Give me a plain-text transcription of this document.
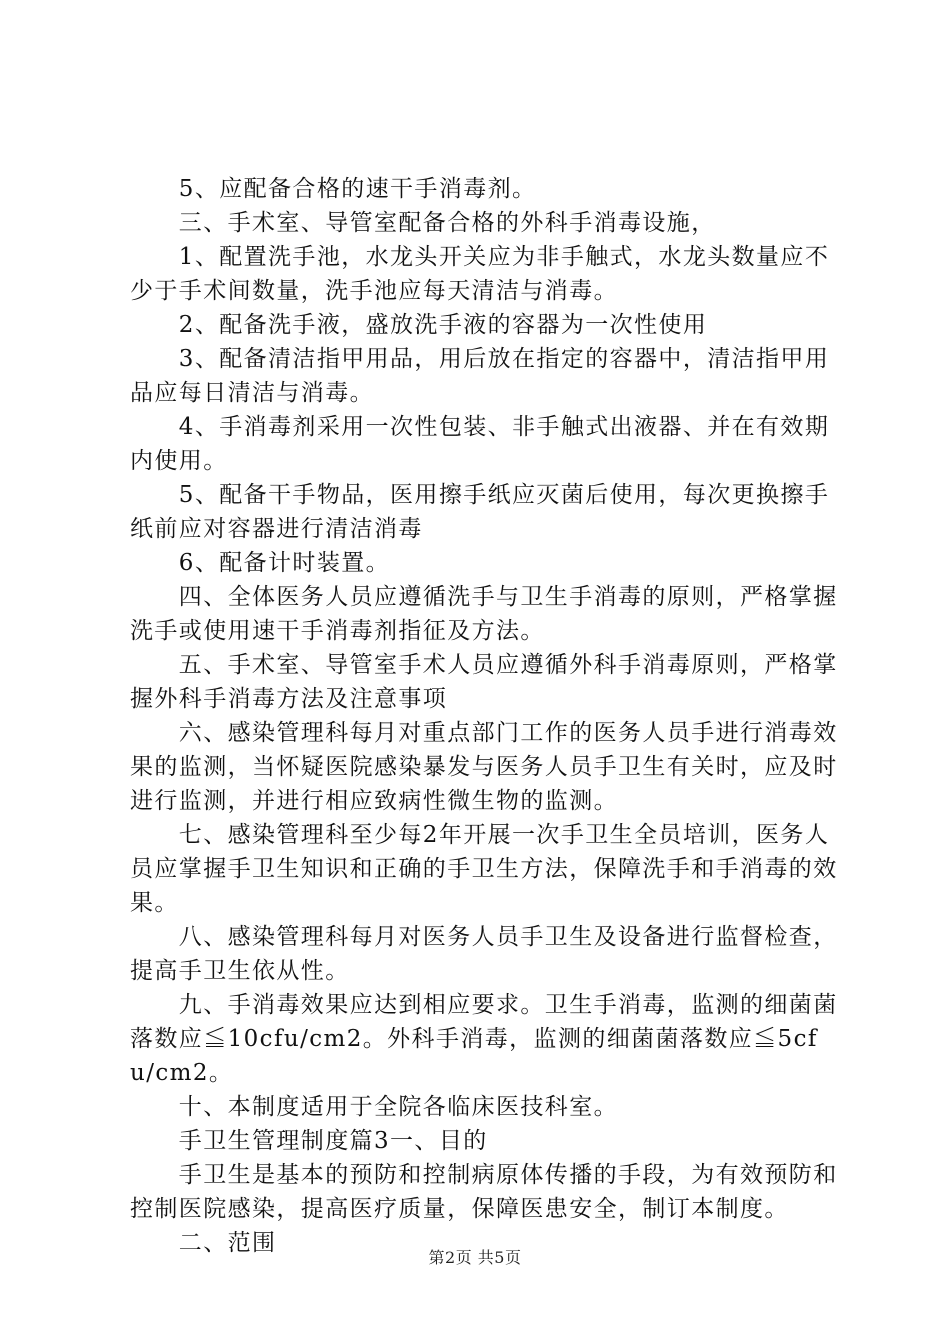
　　5、应配备合格的速干手消毒剂。

　　三、手术室、导管室配备合格的外科手消毒设施，

　　1、配置洗手池，水龙头开关应为非手触式，水龙头数量应不少于手术间数量，洗手池应每天清洁与消毒。

　　2、配备洗手液，盛放洗手液的容器为一次性使用

　　3、配备清洁指甲用品，用后放在指定的容器中，清洁指甲用品应每日清洁与消毒。

　　4、手消毒剂采用一次性包装、非手触式出液器、并在有效期内使用。

　　5、配备干手物品，医用擦手纸应灭菌后使用，每次更换擦手纸前应对容器进行清洁消毒

　　6、配备计时装置。

　　四、全体医务人员应遵循洗手与卫生手消毒的原则，严格掌握洗手或使用速干手消毒剂指征及方法。

　　五、手术室、导管室手术人员应遵循外科手消毒原则，严格掌握外科手消毒方法及注意事项

　　六、感染管理科每月对重点部门工作的医务人员手进行消毒效果的监测，当怀疑医院感染暴发与医务人员手卫生有关时，应及时进行监测，并进行相应致病性微生物的监测。

　　七、感染管理科至少每2年开展一次手卫生全员培训，医务人员应掌握手卫生知识和正确的手卫生方法，保障洗手和手消毒的效果。

　　八、感染管理科每月对医务人员手卫生及设备进行监督检查，提高手卫生依从性。

　　九、手消毒效果应达到相应要求。卫生手消毒，监测的细菌菌落数应≦10cfu/cm2。外科手消毒，监测的细菌菌落数应≦5cfu/cm2。

　　十、本制度适用于全院各临床医技科室。

　　手卫生管理制度篇3一、目的

　　手卫生是基本的预防和控制病原体传播的手段，为有效预防和控制医院感染，提高医疗质量，保障医患安全，制订本制度。

　　二、范围

第2页 共5页
